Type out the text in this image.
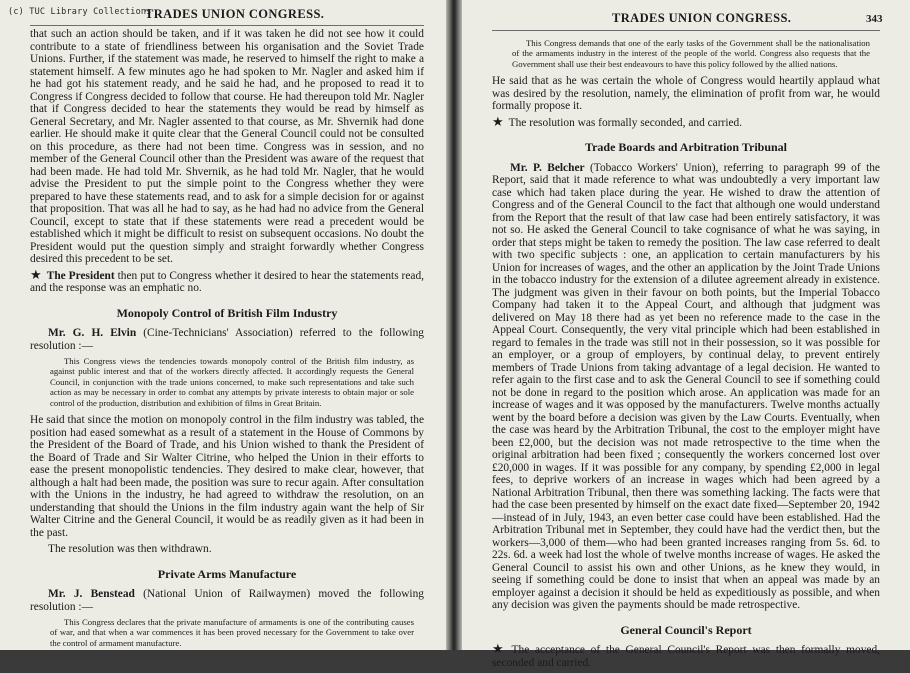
(c) TUC Library Collections
TRADES UNION CONGRESS.

that such an action should be taken, and if it was taken he did not see how it could contribute to a state of friendliness between his organisation and the Soviet Trade Unions. Further, if the statement was made, he reserved to himself the right to make a statement himself. A few minutes ago he had spoken to Mr. Nagler and asked him if he had got his statement ready, and he said he had, and he proposed to read it to Congress if Congress decided to follow that course. He had thereupon told Mr. Nagler that if Congress decided to hear the statements they would be read by himself as General Secretary, and Mr. Nagler assented to that course, as Mr. Shvernik had done earlier. He should make it quite clear that the General Council could not be consulted on this procedure, as there had not been time. Congress was in session, and no member of the General Council other than the President was aware of the request that had been made. He had told Mr. Shvernik, as he had told Mr. Nagler, that he would advise the President to put the simple point to the Congress whether they were prepared to have these statements read, and to ask for a simple decision for or against that proposition. That was all he had to say, as he had had no advice from the General Council, except to state that if these statements were read a precedent would be established which it might be difficult to resist on subsequent occasions. No doubt the President would put the question simply and straight forwardly whether Congress desired this precedent to be set.

★ The President then put to Congress whether it desired to hear the statements read, and the response was an emphatic no.

Monopoly Control of British Film Industry

Mr. G. H. Elvin (Cine-Technicians' Association) referred to the following resolution :—

This Congress views the tendencies towards monopoly control of the British film industry, as against public interest and that of the workers directly affected. It accordingly requests the General Council, in conjunction with the trade unions concerned, to make such representations and take such action as may be necessary in order to combat any attempts by private interests to obtain major or sole control of the production, distribution and exhibition of films in Great Britain.

He said that since the motion on monopoly control in the film industry was tabled, the position had eased somewhat as a result of a statement in the House of Commons by the President of the Board of Trade, and his Union wished to thank the President of the Board of Trade and Sir Walter Citrine, who helped the Union in their efforts to ease the present monopolistic tendencies. They desired to make clear, however, that although a halt had been made, the position was sure to recur again. After consultation with the Unions in the industry, he had agreed to withdraw the resolution, on an understanding that should the Unions in the film industry again want the help of Sir Walter Citrine and the General Council, it would be as readily given as it had been in the past.

The resolution was then withdrawn.

Private Arms Manufacture

Mr. J. Benstead (National Union of Railwaymen) moved the following resolution :—

This Congress declares that the private manufacture of armaments is one of the contributing causes of war, and that when a war commences it has been proved necessary for the Government to take over the control of armament manufacture.

TRADES UNION CONGRESS.	343

This Congress demands that one of the early tasks of the Government shall be the nationalisation of the armaments industry in the interest of the people of the world. Congress also requests that the Government shall use their best endeavours to have this policy followed by the allied nations.

He said that as he was certain the whole of Congress would heartily applaud what was desired by the resolution, namely, the elimination of profit from war, he would formally propose it.

★ The resolution was formally seconded, and carried.

Trade Boards and Arbitration Tribunal

Mr. P. Belcher (Tobacco Workers' Union), referring to paragraph 99 of the Report, said that it made reference to what was undoubtedly a very important law case which had taken place during the year. He wished to draw the attention of Congress and of the General Council to the fact that although one would understand from the Report that the result of that law case had been entirely satisfactory, it was not so. He asked the General Council to take cognisance of what he was saying, in order that steps might be taken to remedy the position. The law case referred to dealt with two specific subjects : one, an application to certain manufacturers by his Union for increases of wages, and the other an application by the Joint Trade Unions in the tobacco industry for the extension of a dilutee agreement already in existence. The judgment was given in their favour on both points, but the Imperial Tobacco Company had taken it to the Appeal Court, and although that judgment was delivered on May 18 there had as yet been no reference made to the case in the Appeal Court. Consequently, the very vital principle which had been established in regard to females in the trade was still not in their possession, so it was possible for an employer, or a group of employers, by continual delay, to prevent entirely members of Trade Unions from taking advantage of a legal decision. He wanted to refer again to the first case and to ask the General Council to see if something could not be done in regard to the position which arose. An application was made for an increase of wages and it was opposed by the manufacturers. Twelve months actually went by the board before a decision was given by the Law Courts. Eventually, when the case was heard by the Arbitration Tribunal, the cost to the employer might have been £2,000, but the decision was not made retrospective to the time when the original arbitration had been fixed ; consequently the workers concerned lost over £20,000 in wages. If it was possible for any company, by spending £2,000 in legal fees, to deprive workers of an increase in wages which had been agreed by a National Arbitration Tribunal, then there was something lacking. The facts were that had the case been presented by himself on the exact date fixed—September 20, 1942—instead of in July, 1943, an even better case could have been established. Had the Arbitration Tribunal met in September, they could have had the verdict then, but the workers—3,000 of them—who had been granted increases ranging from 5s. 6d. to 22s. 6d. a week had lost the whole of twelve months increase of wages. He asked the General Council to assist his own and other Unions, as he knew they would, in seeing if something could be done to insist that when an appeal was made by an employer against a decision it should be held as expeditiously as possible, and when any decision was given the payments should be made retrospective.

General Council's Report

★ The acceptance of the General Council's Report was then formally moved, seconded and carried.
